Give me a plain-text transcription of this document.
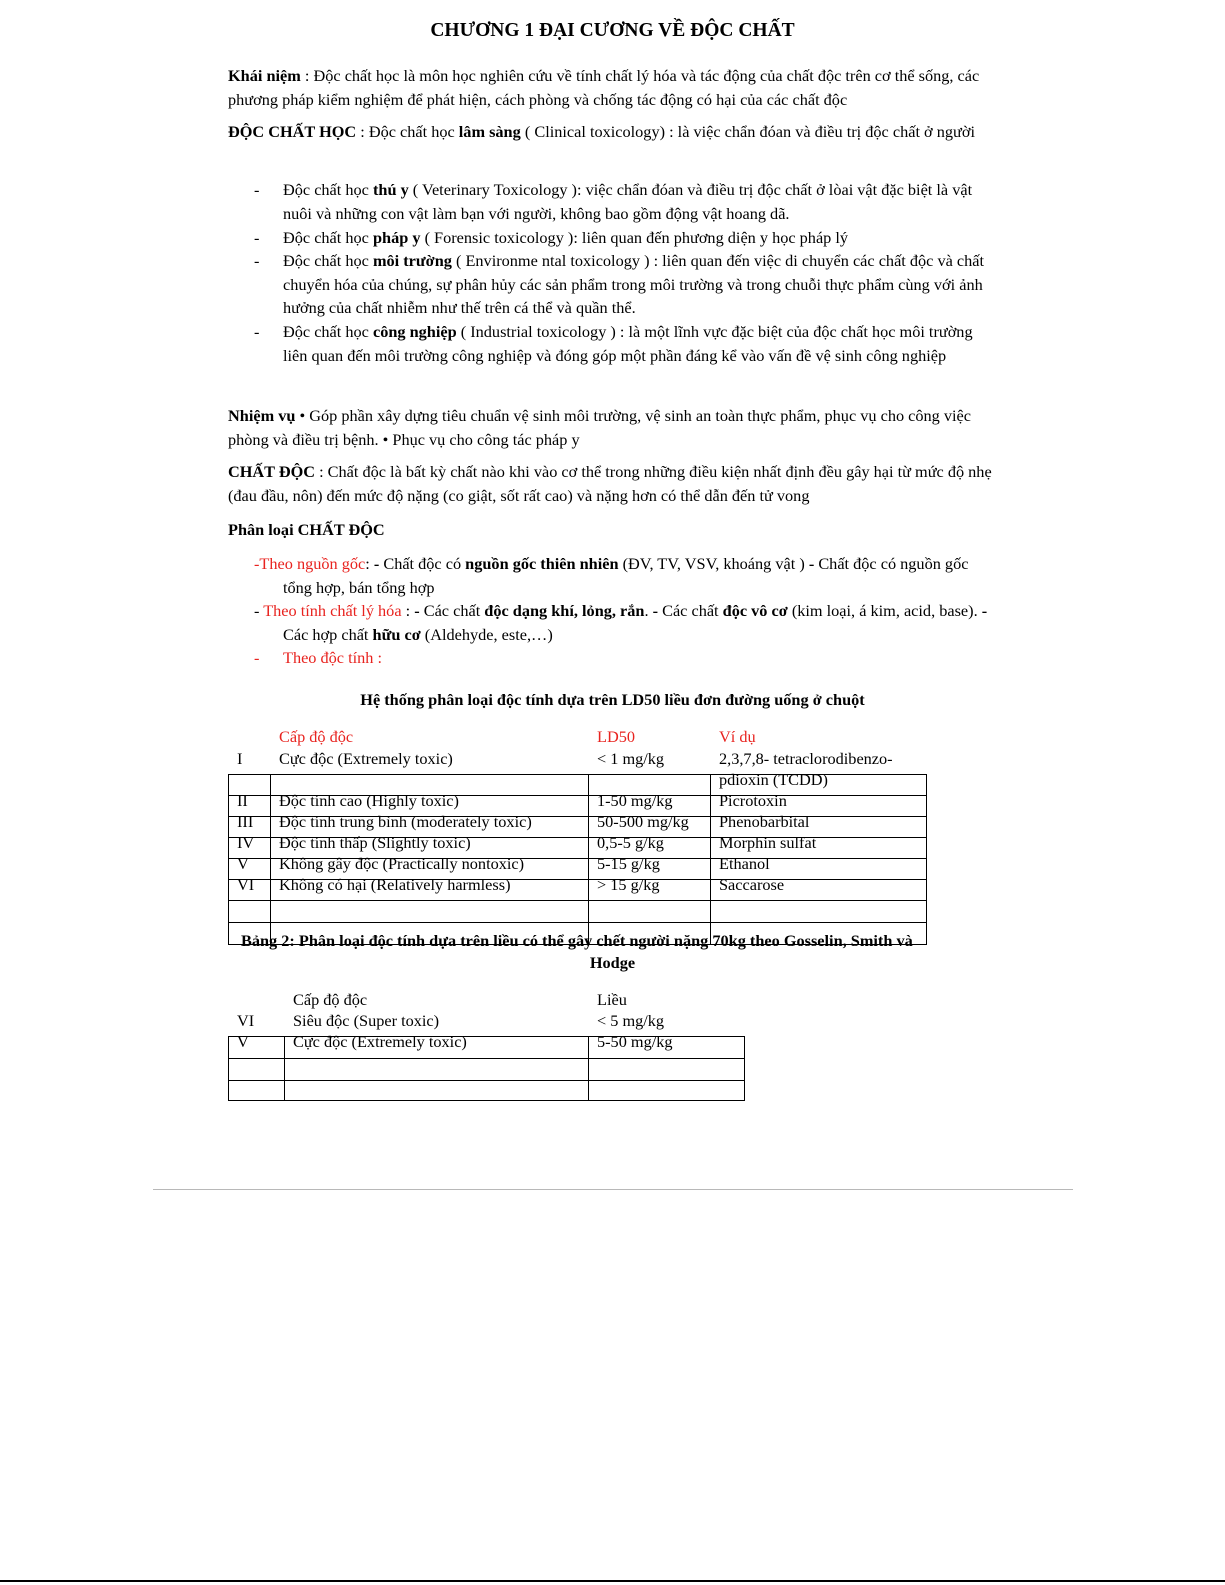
CHƯƠNG 1 ĐẠI CƯƠNG VỀ ĐỘC CHẤT
Khái niệm : Độc chất học là môn học nghiên cứu về tính chất lý hóa và tác động của chất độc trên cơ thể sống, các phương pháp kiểm nghiệm để phát hiện, cách phòng và chống tác động có hại của các chất độc
ĐỘC CHẤT HỌC : Độc chất học lâm sàng ( Clinical toxicology) : là việc chẩn đóan và điều trị độc chất ở người
- Độc chất học thú y ( Veterinary Toxicology ): việc chẩn đóan và điều trị độc chất ở lòai vật đặc biệt là vật nuôi và những con vật làm bạn với người, không bao gồm động vật hoang dã.
- Độc chất học pháp y ( Forensic toxicology ): liên quan đến phương diện y học pháp lý
- Độc chất học môi trường ( Environme ntal toxicology ) : liên quan đến việc di chuyển các chất độc và chất chuyển hóa của chúng, sự phân hủy các sản phẩm trong môi trường và trong chuỗi thực phẩm cùng với ảnh hưởng của chất nhiễm như thế trên cá thể và quần thể.
- Độc chất học công nghiệp ( Industrial toxicology ) : là một lĩnh vực đặc biệt của độc chất học môi trường liên quan đến môi trường công nghiệp và đóng góp một phần đáng kể vào vấn đề vệ sinh công nghiệp
Nhiệm vụ • Góp phần xây dựng tiêu chuẩn vệ sinh môi trường, vệ sinh an toàn thực phẩm, phục vụ cho công việc phòng và điều trị bệnh. • Phục vụ cho công tác pháp y
CHẤT ĐỘC : Chất độc là bất kỳ chất nào khi vào cơ thể trong những điều kiện nhất định đều gây hại từ mức độ nhẹ (đau đầu, nôn) đến mức độ nặng (co giật, sốt rất cao) và nặng hơn có thể dẫn đến tử vong
Phân loại CHẤT ĐỘC
-Theo nguồn gốc: - Chất độc có nguồn gốc thiên nhiên (ĐV, TV, VSV, khoáng vật ) - Chất độc có nguồn gốc tổng hợp, bán tổng hợp
- Theo tính chất lý hóa : - Các chất độc dạng khí, lỏng, rắn. - Các chất độc vô cơ (kim loại, á kim, acid, base). - Các hợp chất hữu cơ (Aldehyde, este,…)
- Theo độc tính :
Hệ thống phân loại độc tính dựa trên LD50 liều đơn đường uống ở chuột
Cấp độ độc	LD50	Ví dụ
I Cực độc (Extremely toxic)	< 1 mg/kg	2,3,7,8- tetraclorodibenzo-
pdioxin (TCDD)
II Độc tính cao (Highly toxic)	1-50 mg/kg	Picrotoxin
III Độc tính trung bình (moderately toxic)	50-500 mg/kg Phenobarbital
IV Độc tính thấp (Slightly toxic)	0,5-5 g/kg	Morphin sulfat
V Không gây độc (Practically nontoxic)	5-15 g/kg	Ethanol
VI Không có hại (Relatively harmless)	> 15 g/kg	Saccarose
Bảng 2: Phân loại độc tính dựa trên liều có thể gây chết người nặng 70kg theo Gosselin, Smith và
Hodge
Cấp độ độc	Liều
VI Siêu độc (Super toxic)	< 5 mg/kg
V	Cực độc (Extremely toxic)	5-50 mg/kg
